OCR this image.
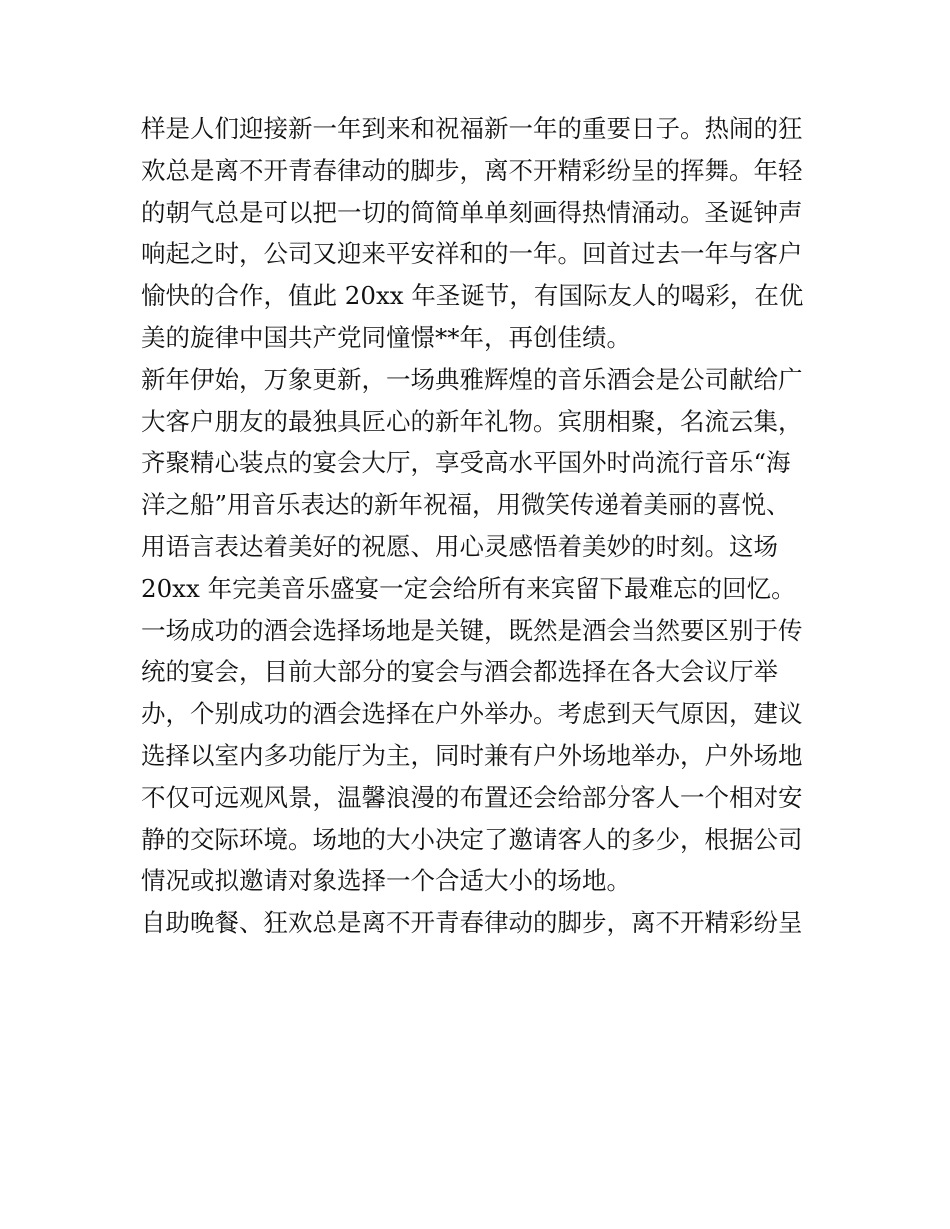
样是人们迎接新一年到来和祝福新一年的重要日子。热闹的狂
欢总是离不开青春律动的脚步，离不开精彩纷呈的挥舞。年轻
的朝气总是可以把一切的简简单单刻画得热情涌动。圣诞钟声
响起之时，公司又迎来平安祥和的一年。回首过去一年与客户
愉快的合作，值此 20xx 年圣诞节，有国际友人的喝彩，在优
美的旋律中国共产党同憧憬**年，再创佳绩。
新年伊始，万象更新，一场典雅辉煌的音乐酒会是公司献给广
大客户朋友的最独具匠心的新年礼物。宾朋相聚，名流云集，
齐聚精心装点的宴会大厅，享受高水平国外时尚流行音乐“海
洋之船”用音乐表达的新年祝福，用微笑传递着美丽的喜悦、
用语言表达着美好的祝愿、用心灵感悟着美妙的时刻。这场
20xx 年完美音乐盛宴一定会给所有来宾留下最难忘的回忆。
一场成功的酒会选择场地是关键，既然是酒会当然要区别于传
统的宴会，目前大部分的宴会与酒会都选择在各大会议厅举
办，个别成功的酒会选择在户外举办。考虑到天气原因，建议
选择以室内多功能厅为主，同时兼有户外场地举办，户外场地
不仅可远观风景，温馨浪漫的布置还会给部分客人一个相对安
静的交际环境。场地的大小决定了邀请客人的多少，根据公司
情况或拟邀请对象选择一个合适大小的场地。
自助晚餐、狂欢总是离不开青春律动的脚步，离不开精彩纷呈
